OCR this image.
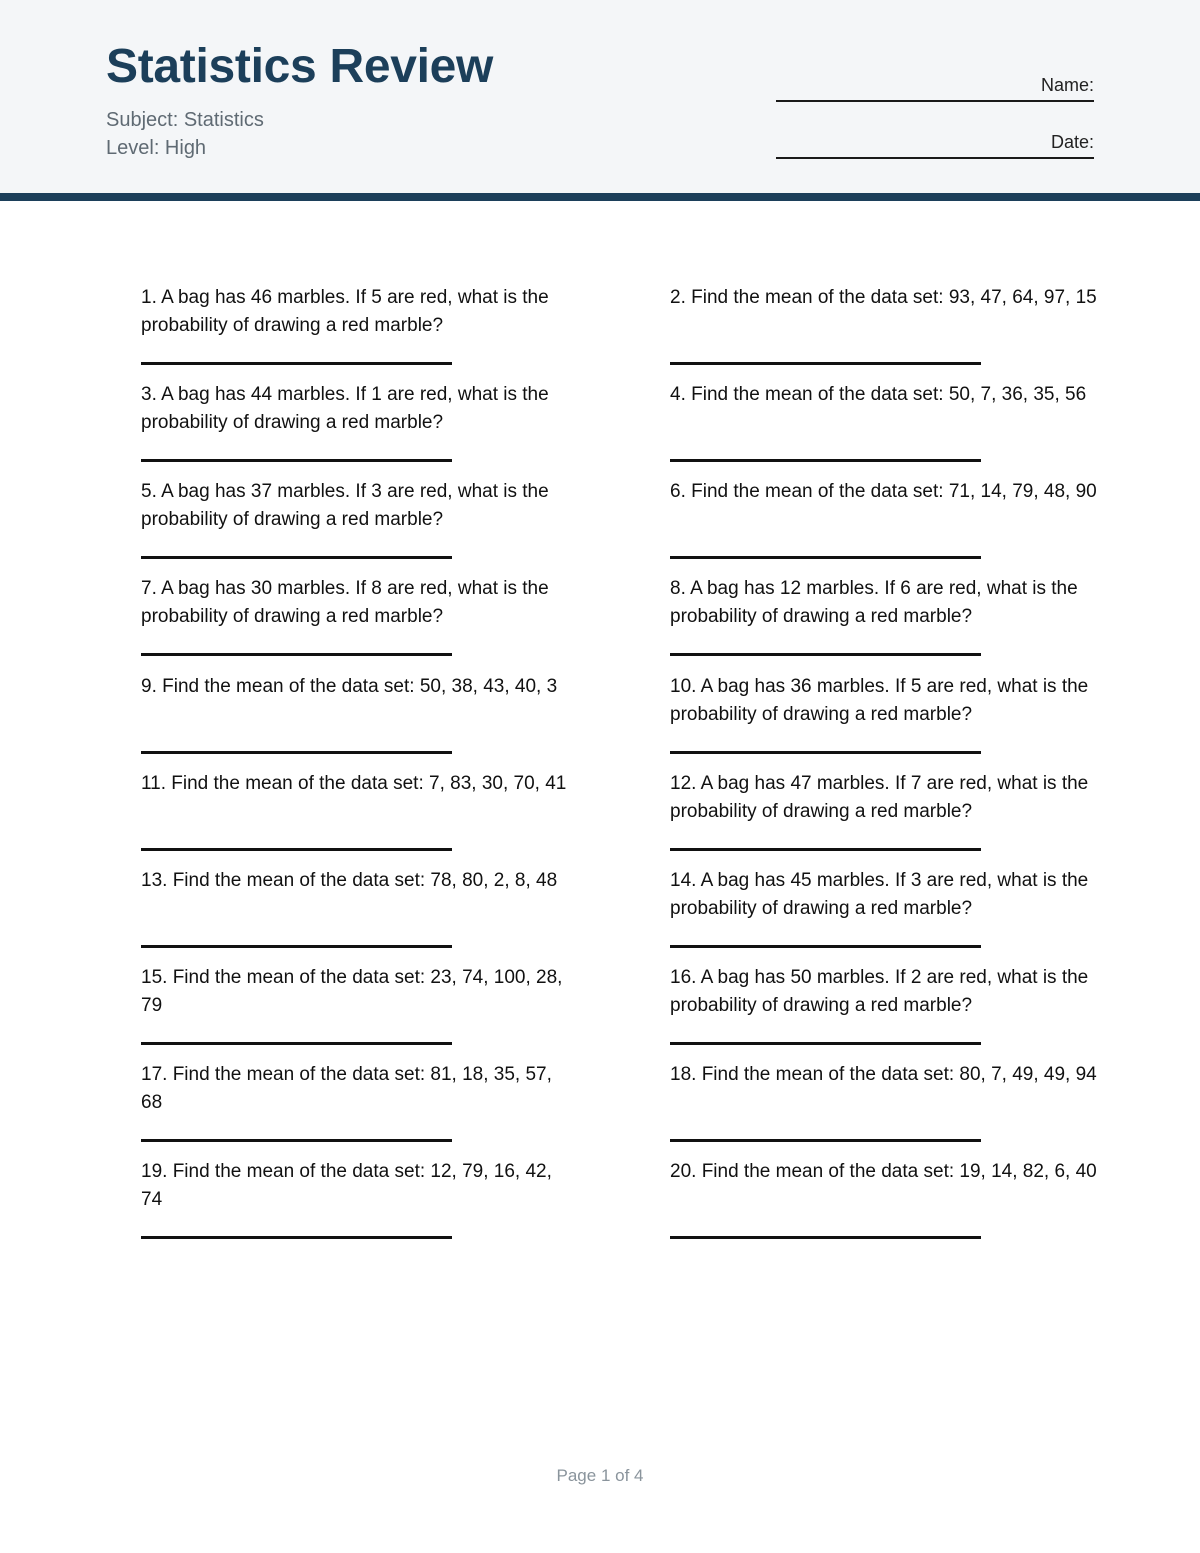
Statistics Review
Subject: Statistics
Level: High
Name:
Date:

1. A bag has 46 marbles. If 5 are red, what is the probability of drawing a red marble?

2. Find the mean of the data set: 93, 47, 64, 97, 15

3. A bag has 44 marbles. If 1 are red, what is the probability of drawing a red marble?

4. Find the mean of the data set: 50, 7, 36, 35, 56

5. A bag has 37 marbles. If 3 are red, what is the probability of drawing a red marble?

6. Find the mean of the data set: 71, 14, 79, 48, 90

7. A bag has 30 marbles. If 8 are red, what is the probability of drawing a red marble?

8. A bag has 12 marbles. If 6 are red, what is the probability of drawing a red marble?

9. Find the mean of the data set: 50, 38, 43, 40, 3	10. A bag has 36 marbles. If 5 are red, what is the probability of drawing a red marble?

11. Find the mean of the data set: 7, 83, 30, 70, 41	12. A bag has 47 marbles. If 7 are red, what is the probability of drawing a red marble?

13. Find the mean of the data set: 78, 80, 2, 8, 48	14. A bag has 45 marbles. If 3 are red, what is the probability of drawing a red marble?

15. Find the mean of the data set: 23, 74, 100, 28, 79

16. A bag has 50 marbles. If 2 are red, what is the probability of drawing a red marble?

17. Find the mean of the data set: 81, 18, 35, 57, 68

18. Find the mean of the data set: 80, 7, 49, 49, 94

19. Find the mean of the data set: 12, 79, 16, 42, 74

20. Find the mean of the data set: 19, 14, 82, 6, 40

Page 1 of 4
